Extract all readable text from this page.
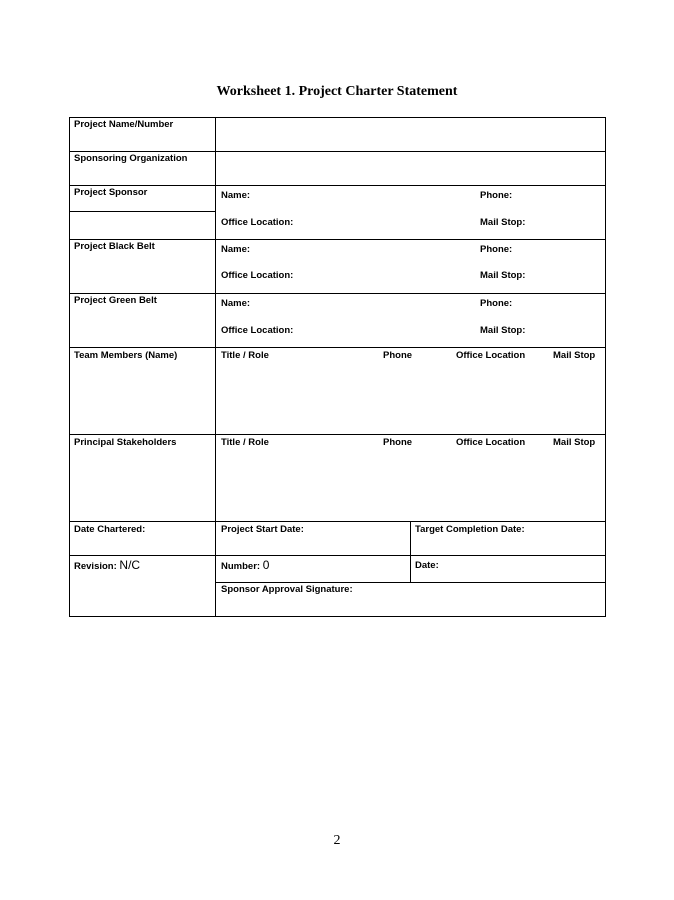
Worksheet 1. Project Charter Statement
Project Name/Number
Sponsoring Organization
Project Sponsor	Name:	Phone:
Office Location:	Mail Stop:
Project Black Belt	Name:	Phone:
Office Location:	Mail Stop:
Project Green Belt	Name:	Phone:
Office Location:	Mail Stop:
Team Members (Name)	Title / Role	Phone	Office Location	Mail Stop
Principal Stakeholders	Title / Role	Phone	Office Location	Mail Stop
Date Chartered:	Project Start Date:	Target Completion Date:
Revision: N/C	Number: 0	Date:
Sponsor Approval Signature:
2
